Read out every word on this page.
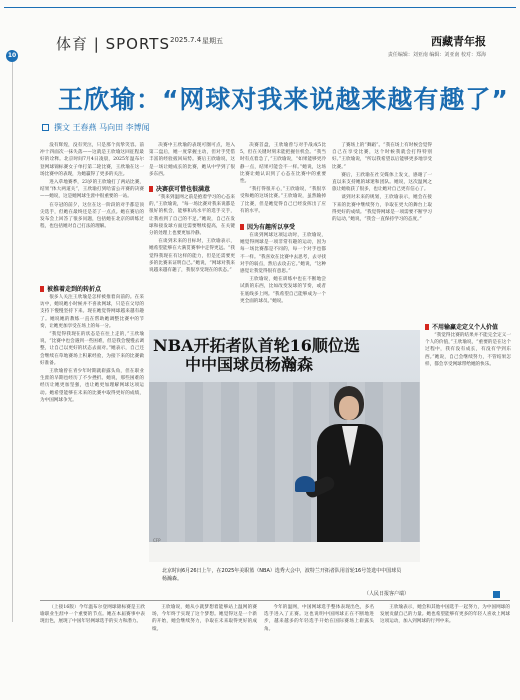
体育 | SPORTS 2025.7.4 星期五	西藏青年报
责任编辑：刘亚南 编辑：刘亚南 校对：郑海
10
王欣瑜：“网球对我来说越来越有趣了”
撰文 王春燕 马向田 李博闻

没有辉煌，没有哭泣，只是那个真挚笑容。前冲十四面次一抹失落——这就是王欣瑜这回征程最好的诠释。北京时间7月4日凌晨，2025年温布尔登网球锦标赛女子单打第二轮比赛，王欣瑜在这一场比赛中的表现，为她赢得了更多的关注。

进入草地赛季，23岁的王欣瑜打了两站比赛，结果“体大两道关”，王欣瑜打到哈雷公开赛的决赛——她说，这是她网球生涯中很重要的一站。

在夺冠的前夕，这位在这一阶段的对手都是顶尖选手，但她在最终还是差了一点点。她在赛后的发布会上回答了很多问题，包括她在北京的训练过程，也包括她对自己打法的理解。

被推着走到的转折点

很多人关注王欣瑜是怎样被推着向前的。在采访中，她说她小时候并不喜欢网球，只是在父母的支持下慢慢坚持下来。现在她觉得网球越来越有趣了。她说她的教练一直在帮助她调整比赛中的节奏，让她更加享受在场上的每一分。

“我觉得我现在的状态是在往上走的，”王欣瑜说，“比赛中也会遇到一些困难，但是我会慢慢去调整，让自己以更好的状态去面对。”她表示，自己还会继续在草地赛场上积累经验，为接下来的比赛做好准备。

王欣瑜曾在青少年时期就崭露头角，但在职业生涯的早期也经历了不少挫折。她说，那些困难的经历让她更加坚强，也让她更加理解网球这项运动。她希望能够在未来的比赛中取得更好的成绩，为中国网球争光。

决赛中王欣瑜的表现可圈可点，进入第二盘后，她一度掌握主动，但对手凭借丰富的经验扳回局势。赛后王欣瑜说，这是一场让她成长的比赛，她从中学到了很多东西。

决赛获可惜也很满意

“我来到温网之前是抱着学习的心态来的，”王欣瑜说，“每一场比赛对我来说都是很好的机会，能够和高水平的选手交手，让我看到了自己的不足。”她说，自己在发球和接发球方面还需要继续提高，在关键分的处理上也要更加冷静。

在谈到未来的目标时，王欣瑜表示，她希望能够在大满贯赛事中走得更远。“我觉得我现在有这样的能力，但是还需要更多的比赛来证明自己。”她说，“网球对我来说越来越有趣了，我很享受现在的状态。”

决赛首盘，王欣瑜曾与对手战成5比5，但在关键时刻未能把握住机会。“我当时有点着急了，”王欣瑜说，“如果能够更冷静一点，结果可能会不一样。”她说，这场比赛让她认识到了心态在比赛中的重要性。

“我打得很开心，”王欣瑜说，“我很享受和她的这场比赛。”王欣瑜说，虽然输掉了比赛，但是她觉得自己已经发挥出了应有的水平。

因为有趣所以享受

在谈到网球这项运动时，王欣瑜说，她觉得网球是一项非常有趣的运动，因为每一场比赛都是不同的，每一个对手也都不一样。“我喜欢在比赛中去思考，去寻找对手的弱点，然后去攻击它。”她说，“这种感觉让我觉得很有意思。”

王欣瑜说，她在训练中也在不断地尝试新的东西，比如改变发球的节奏，或者在底线多上网。“我希望自己能够成为一个更全面的球员。”她说。

了赛场上的“舞蹈”。“我在场上有时候会觉得自己在享受比赛，这个时候我就会打得特别好。”王欣瑜说，“所以我希望以后能够更多地享受比赛。”

赛后，王欣瑜在社交媒体上发文，感谢了一直以来支持她的球迷和团队。她说，这次温网之旅让她收获了很多，也让她对自己更有信心了。

谈到对未来的规划，王欣瑜表示，她会在接下来的比赛中继续努力，争取在更大的舞台上取得更好的成绩。“我觉得网球是一项需要不断学习的运动，”她说，“我会一直保持学习的态度。”

不用输赢走定义个人价值

“我觉得比赛的结果并不能完全定义一个人的价值，”王欣瑜说，“重要的是在这个过程中，我有没有成长，有没有学到东西。”她说，自己会继续努力，不管结果怎样，都会享受网球带给她的快乐。

NBA开拓者队首轮16顺位选
中中国球员杨瀚森
CFP
北京时间6月26日上午，在2025年美职篮（NBA）选秀大会中，波特兰开拓者队用首轮16号签选中中国球员杨瀚森。
（人民日报客户端）

（上接16版）今年温布尔登网球锦标赛是王欣瑜职业生涯中一个重要的节点。她在本届赛事中表现出色，展现了中国年轻网球选手的实力和潜力。

王欣瑜说，她从小就梦想着能够站上温网的赛场，今年终于实现了这个梦想。她觉得这是一个新的开始，她会继续努力，争取在未来取得更好的成绩。

今年的温网，中国网球选手整体表现出色，多名选手进入了正赛。这也说明中国网球正在不断地进步，越来越多的年轻选手开始在国际赛场上崭露头角。

王欣瑜表示，她会和其他中国选手一起努力，为中国网球的发展贡献自己的力量。她也希望能够有更多的年轻人喜欢上网球这项运动，加入到网球的行列中来。
